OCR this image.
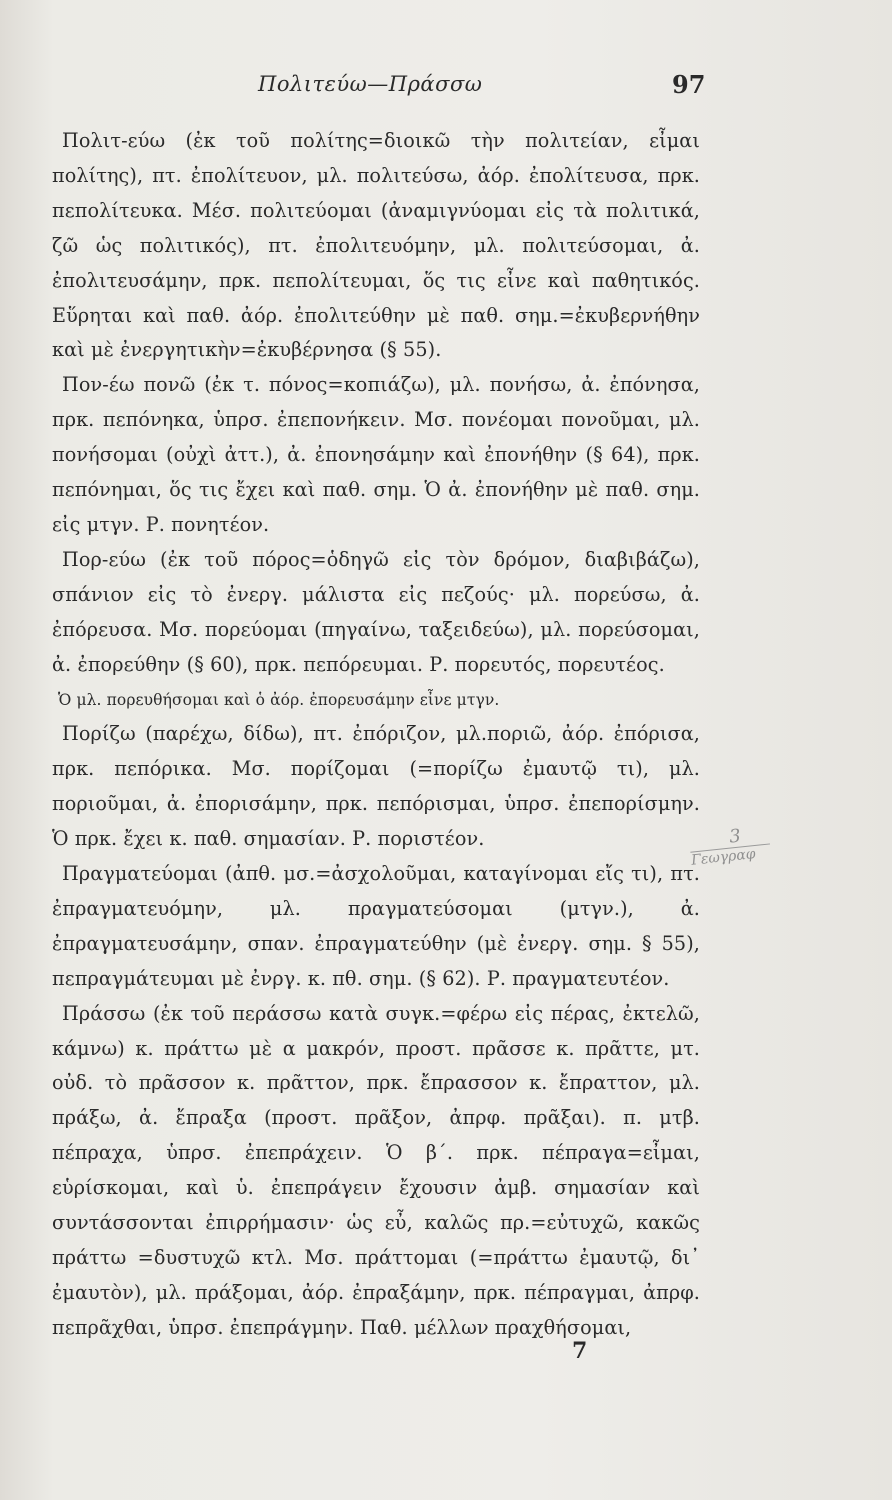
Πολιτεύω—Πράσσω	97

Πολιτ-εύω (ἐκ τοῦ πολίτης=διοικῶ τὴν πολιτείαν, εἶμαι πολίτης), πτ. ἐπολίτευον, μλ. πολιτεύσω, ἀόρ. ἐπολίτευσα, πρκ. πεπολίτευκα. Μέσ. πολιτεύομαι (ἀναμιγνύομαι εἰς τὰ πολιτικά, ζῶ ὡς πολιτικός), πτ. ἐπολιτευόμην, μλ. πολιτεύσομαι, ἀ. ἐπολιτευσάμην, πρκ. πεπολίτευμαι, ὅς τις εἶνε καὶ παθητικός. Εὕρηται καὶ παθ. ἀόρ. ἐπολιτεύθην μὲ παθ. σημ.=ἐκυβερνήθην καὶ μὲ ἐνεργητικὴν=ἐκυβέρνησα (§ 55).

Πον-έω πονῶ (ἐκ τ. πόνος=κοπιάζω), μλ. πονήσω, ἀ. ἐπόνησα, πρκ. πεπόνηκα, ὑπρσ. ἐπεπονήκειν. Μσ. πονέομαι πονοῦμαι, μλ. πονήσομαι (οὐχὶ ἀττ.), ἀ. ἐπονησάμην καὶ ἐπονήθην (§ 64), πρκ. πεπόνημαι, ὅς τις ἔχει καὶ παθ. σημ. Ὁ ἀ. ἐπονήθην μὲ παθ. σημ. εἰς μτγν. Ρ. πονητέον.

Πορ-εύω (ἐκ τοῦ πόρος=ὁδηγῶ εἰς τὸν δρόμον, διαβιβάζω), σπάνιον εἰς τὸ ἐνεργ. μάλιστα εἰς πεζούς· μλ. πορεύσω, ἀ. ἐπόρευσα. Μσ. πορεύομαι (πηγαίνω, ταξειδεύω), μλ. πορεύσομαι, ἀ. ἐπορεύθην (§ 60), πρκ. πεπόρευμαι. Ρ. πορευτός, πορευτέος.

Ὁ μλ. πορευθήσομαι καὶ ὁ ἀόρ. ἐπορευσάμην εἶνε μτγν.

Πορίζω (παρέχω, δίδω), πτ. ἐπόριζον, μλ.ποριῶ, ἀόρ. ἐπόρισα, πρκ. πεπόρικα. Μσ. πορίζομαι (=πορίζω ἐμαυτῷ τι), μλ. ποριοῦμαι, ἀ. ἐπορισάμην, πρκ. πεπόρισμαι, ὑπρσ. ἐπεπορίσμην. Ὁ πρκ. ἔχει κ. παθ. σημασίαν. Ρ. ποριστέον.

Πραγματεύομαι (ἀπθ. μσ.=ἀσχολοῦμαι, καταγίνομαι εἴς τι), πτ. ἐπραγματευόμην, μλ. πραγματεύσομαι (μτγν.), ἀ. ἐπραγματευσάμην, σπαν. ἐπραγματεύθην (μὲ ἐνεργ. σημ. § 55), πεπραγμάτευμαι μὲ ἐνργ. κ. πθ. σημ. (§ 62). Ρ. πραγματευτέον.

Πράσσω (ἐκ τοῦ περάσσω κατὰ συγκ.=φέρω εἰς πέρας, ἐκτελῶ, κάμνω) κ. πράττω μὲ α μακρόν, προστ. πρᾶσσε κ. πρᾶττε, μτ. οὐδ. τὸ πρᾶσσον κ. πρᾶττον, πρκ. ἔπρασσον κ. ἔπραττον, μλ. πράξω, ἀ. ἔπραξα (προστ. πρᾶξον, ἀπρφ. πρᾶξαι). π. μτβ. πέπραχα, ὑπρσ. ἐπεπράχειν. Ὁ β΄. πρκ. πέπραγα=εἶμαι, εὑρίσκομαι, καὶ ὑ. ἐπεπράγειν ἔχουσιν ἀμβ. σημασίαν καὶ συντάσσονται ἐπιρρήμασιν· ὡς εὖ, καλῶς πρ.=εὐτυχῶ, κακῶς πράττω =δυστυχῶ κτλ. Μσ. πράττομαι (=πράττω ἐμαυτῷ, δι᾽ ἐμαυτὸν), μλ. πράξομαι, ἀόρ. ἐπραξάμην, πρκ. πέπραγμαι, ἀπρφ. πεπρᾶχθαι, ὑπρσ. ἐπεπράγμην. Παθ. μέλλων πραχθήσομαι,

3
Γεωγραφ
7
